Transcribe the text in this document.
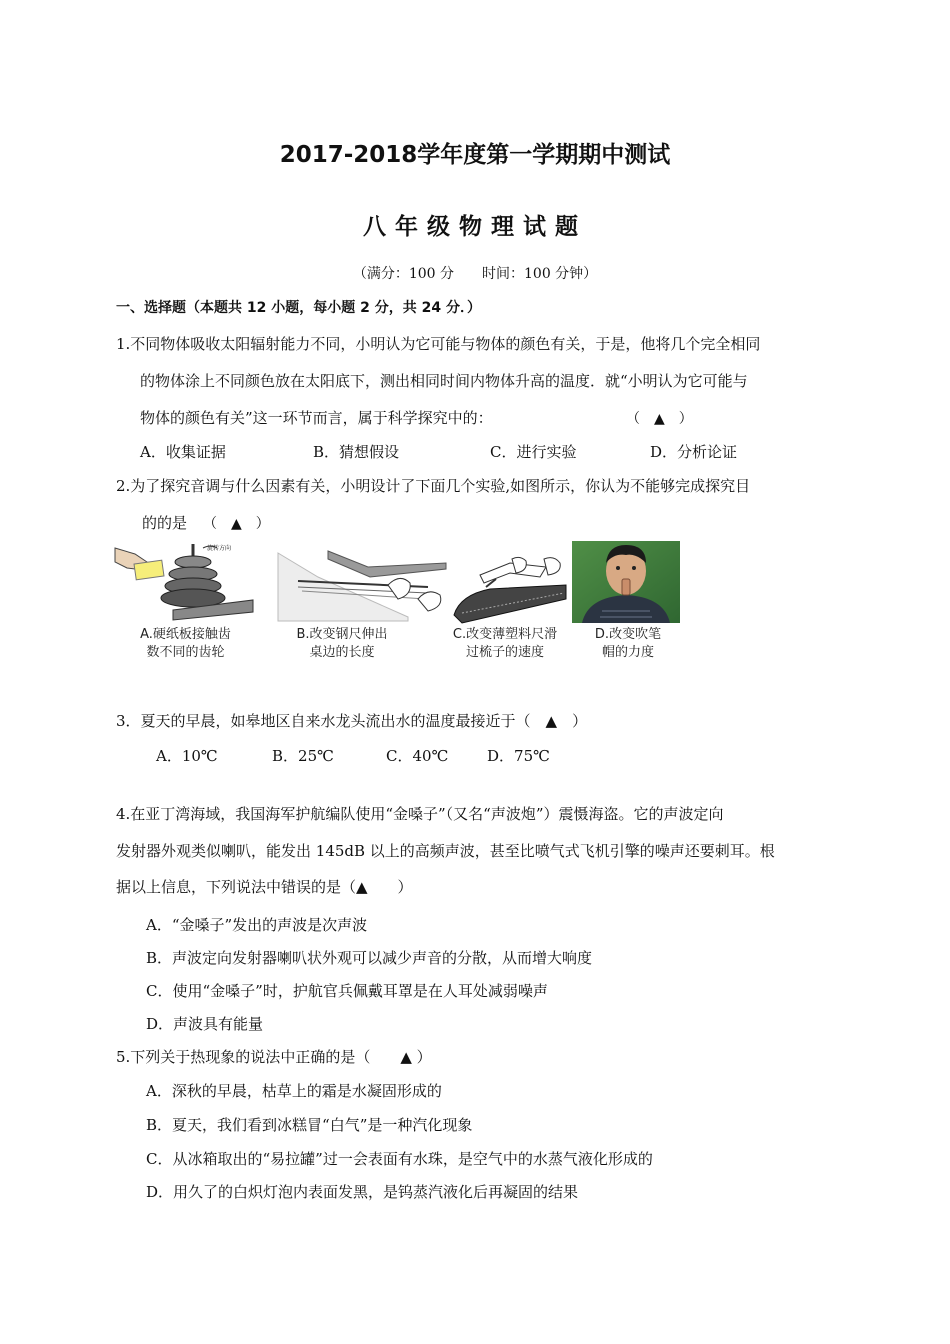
2017-2018学年度第一学期期中测试
八年级物理试题
（满分：100 分　　时间：100 分钟）
一、选择题（本题共 12 小题，每小题 2 分，共 24 分．）
1.不同物体吸收太阳辐射能力不同，小明认为它可能与物体的颜色有关，于是，他将几个完全相同
的物体涂上不同颜色放在太阳底下，测出相同时间内物体升高的温度．就“小明认为它可能与
物体的颜色有关”这一环节而言，属于科学探究中的：	（　▲　）
A．收集证据	B．猜想假设	C．进行实验	D．分析论证
2.为了探究音调与什么因素有关，小明设计了下面几个实验,如图所示，你认为不能够完成探究目
的的是 （　▲　）
旋转方向
A.硬纸板接触齿
数不同的齿轮
B.改变钢尺伸出
桌边的长度
C.改变薄塑料尺滑
过梳子的速度
D.改变吹笔
帽的力度
3．夏天的早晨，如皋地区自来水龙头流出水的温度最接近于（　▲　）
A．10℃	B．25℃	C．40℃	D．75℃
4.在亚丁湾海域，我国海军护航编队使用“金嗓子”（又名“声波炮”）震慑海盗。它的声波定向
发射器外观类似喇叭，能发出 145dB 以上的高频声波，甚至比喷气式飞机引擎的噪声还要刺耳。根
据以上信息，下列说法中错误的是（▲　　）
A．“金嗓子”发出的声波是次声波
B．声波定向发射器喇叭状外观可以减少声音的分散，从而增大响度
C．使用“金嗓子”时，护航官兵佩戴耳罩是在人耳处减弱噪声
D．声波具有能量
5.下列关于热现象的说法中正确的是（　　▲ ）
A．深秋的早晨，枯草上的霜是水凝固形成的
B．夏天，我们看到冰糕冒“白气”是一种汽化现象
C．从冰箱取出的“易拉罐”过一会表面有水珠，是空气中的水蒸气液化形成的
D．用久了的白炽灯泡内表面发黑，是钨蒸汽液化后再凝固的结果
